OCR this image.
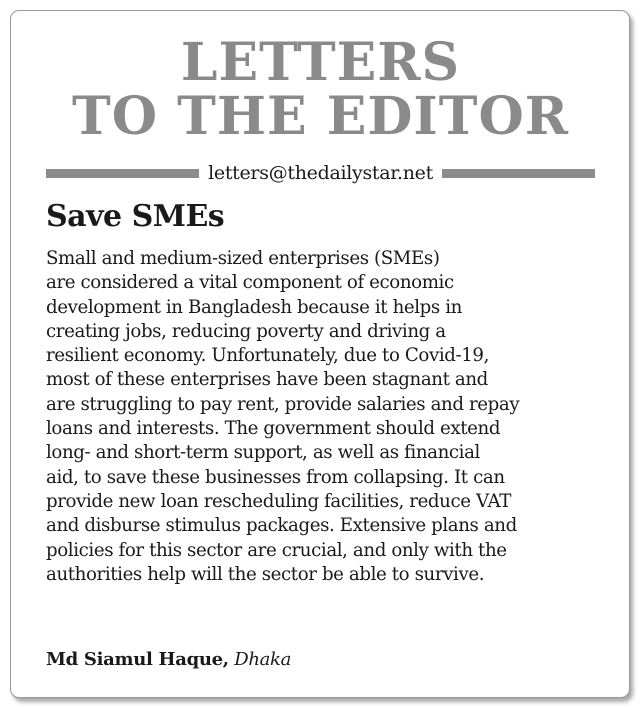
LETTERS
TO THE EDITOR
letters@thedailystar.net
Save SMEs

Small and medium-sized enterprises (SMEs)
are considered a vital component of economic
development in Bangladesh because it helps in
creating jobs, reducing poverty and driving a
resilient economy. Unfortunately, due to Covid-19,
most of these enterprises have been stagnant and
are struggling to pay rent, provide salaries and repay
loans and interests. The government should extend
long- and short-term support, as well as financial
aid, to save these businesses from collapsing. It can
provide new loan rescheduling facilities, reduce VAT
and disburse stimulus packages. Extensive plans and
policies for this sector are crucial, and only with the
authorities help will the sector be able to survive.

Md Siamul Haque, Dhaka
